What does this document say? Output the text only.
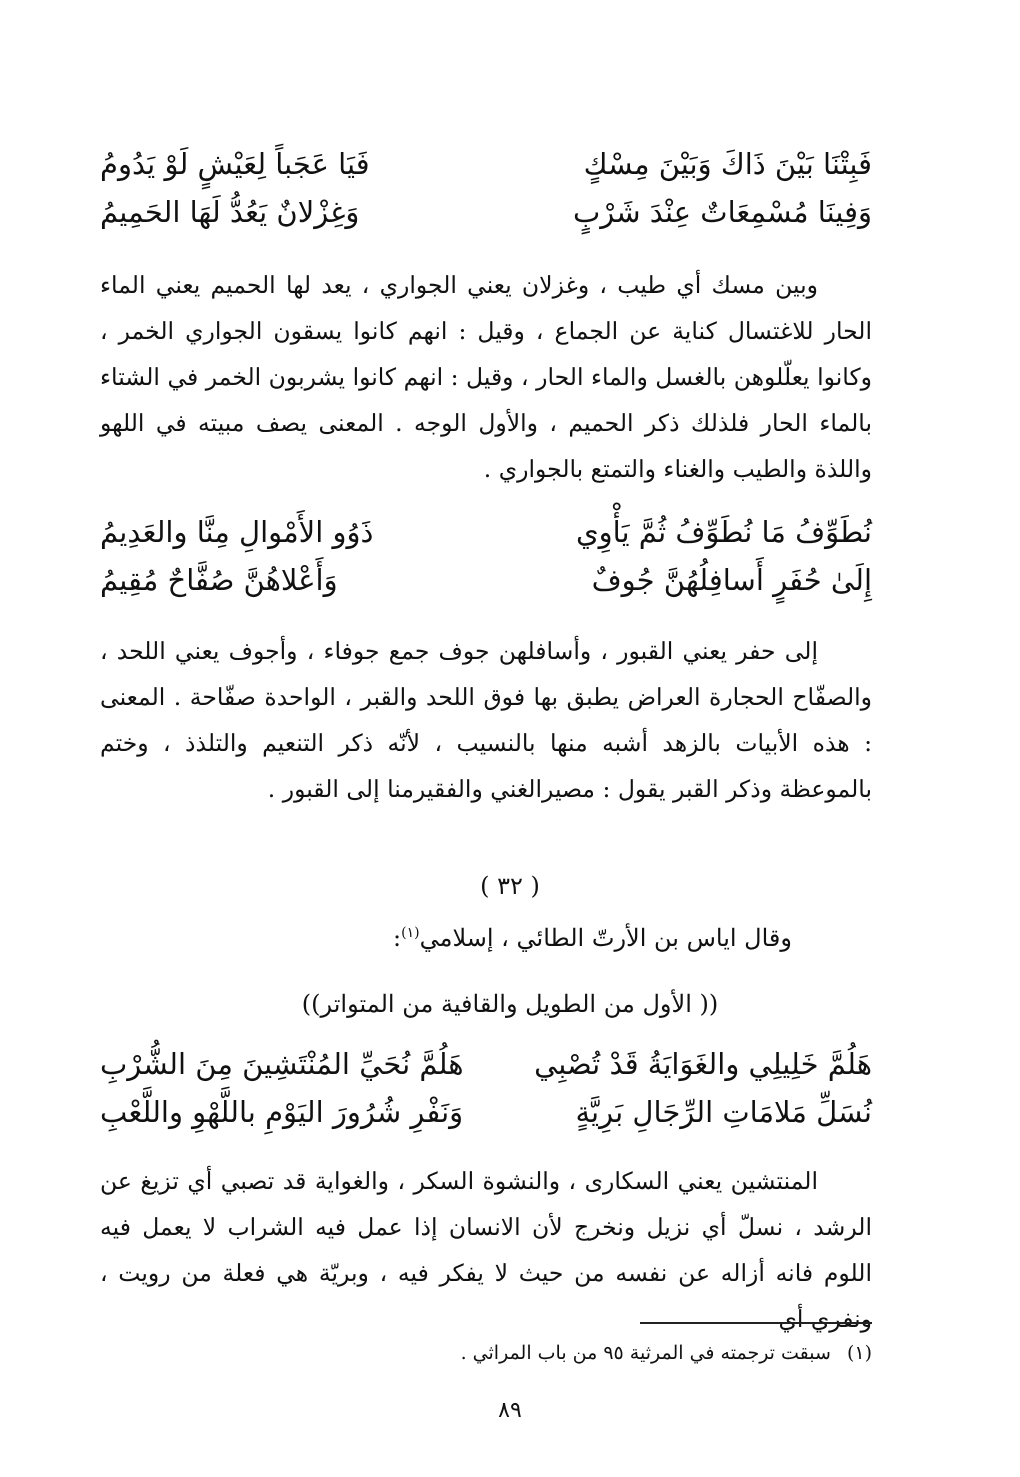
فَبِتْنَا بَيْنَ ذَاكَ وَبَيْنَ مِسْكٍ
فَيَا عَجَباً لِعَيْشٍ لَوْ يَدُومُ
وَفِينَا مُسْمِعَاتٌ عِنْدَ شَرْبٍ
وَغِزْلانٌ يَعُدُّ لَهَا الحَمِيمُ

وبين مسك أي طيب ، وغزلان يعني الجواري ، يعد لها الحميم يعني الماء الحار للاغتسال كناية عن الجماع ، وقيل : انهم كانوا يسقون الجواري الخمر ، وكانوا يعلّلوهن بالغسل والماء الحار ، وقيل : انهم كانوا يشربون الخمر في الشتاء بالماء الحار فلذلك ذكر الحميم ، والأول الوجه . المعنى يصف مبيته في اللهو واللذة والطيب والغناء والتمتع بالجواري .

نُطَوِّفُ مَا نُطَوِّفُ ثُمَّ يَأْوِي
ذَوُو الأَمْوالِ مِنَّا والعَدِيمُ
إِلَىٰ حُفَرٍ أَسافِلُهُنَّ جُوفٌ
وَأَعْلاهُنَّ صُفَّاحٌ مُقِيمُ

إلى حفر يعني القبور ، وأسافلهن جوف جمع جوفاء ، وأجوف يعني اللحد ، والصفّاح الحجارة العراض يطبق بها فوق اللحد والقبر ، الواحدة صفّاحة . المعنى : هذه الأبيات بالزهد أشبه منها بالنسيب ، لأنّه ذكر التنعيم والتلذذ ، وختم بالموعظة وذكر القبر يقول : مصيرالغني والفقيرمنا إلى القبور .

( ٣٢ )
وقال اياس بن الأرتّ الطائي ، إسلامي$^{(١)}$:
(( الأول من الطويل والقافية من المتواتر))
هَلُمَّ خَلِيلِي والغَوَايَةُ قَدْ تُصْبِي
هَلُمَّ نُحَيِّ المُنْتَشِينَ مِنَ الشُّرْبِ
نُسَلِّ مَلامَاتِ الرِّجَالِ بَرِيَّةٍ
وَنَفْرِ شُرُورَ اليَوْمِ باللَّهْوِ واللَّعْبِ

المنتشين يعني السكارى ، والنشوة السكر ، والغواية قد تصبي أي تزيغ عن الرشد ، نسلّ أي نزيل ونخرج لأن الانسان إذا عمل فيه الشراب لا يعمل فيه اللوم فانه أزاله عن نفسه من حيث لا يفكر فيه ، وبريّة هي فعلة من رويت ، ونفري أي

(١)سبقت ترجمته في المرثية ٩٥ من باب المراثي .
٨٩
